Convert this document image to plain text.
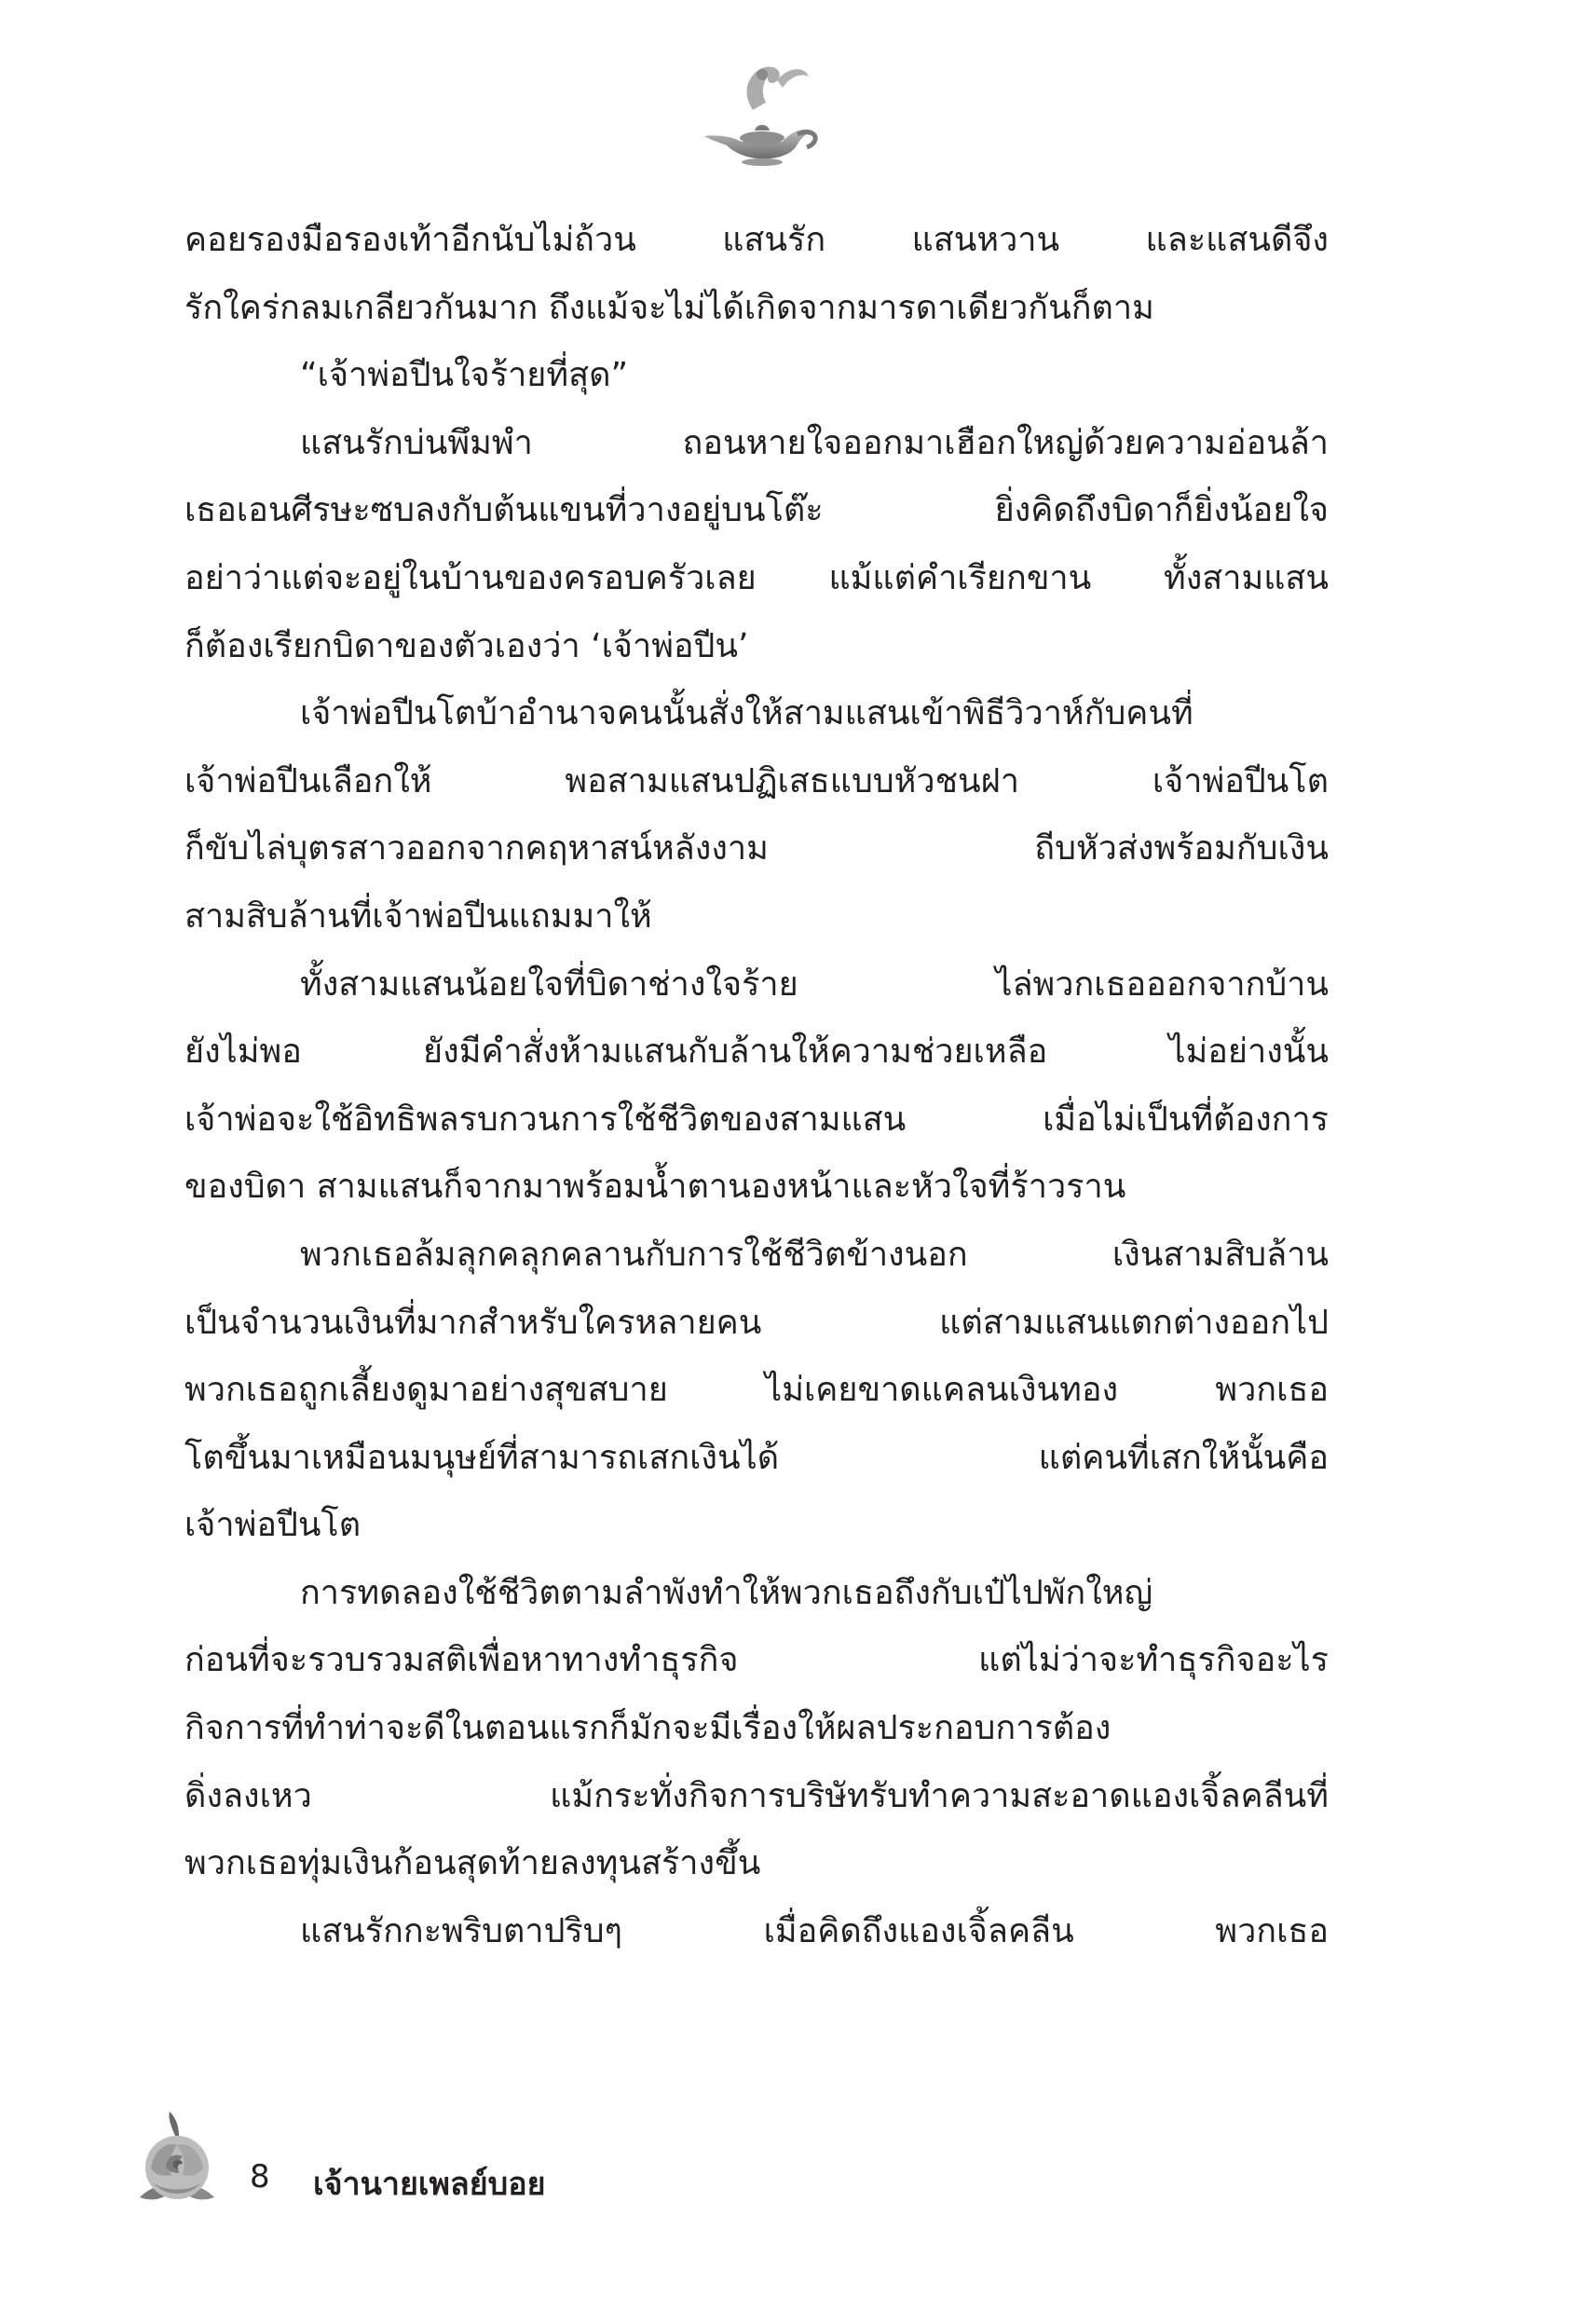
คอยรองมือรองเท้าอีกนับไม่ถ้วน แสนรัก แสนหวาน และแสนดีจึง
รักใคร่กลมเกลียวกันมาก ถึงแม้จะไม่ได้เกิดจากมารดาเดียวกันก็ตาม
“เจ้าพ่อปีนใจร้ายที่สุด”
แสนรักบ่นพึมพำ ถอนหายใจออกมาเฮือกใหญ่ด้วยความอ่อนล้า
เธอเอนศีรษะซบลงกับต้นแขนที่วางอยู่บนโต๊ะ ยิ่งคิดถึงบิดาก็ยิ่งน้อยใจ
อย่าว่าแต่จะอยู่ในบ้านของครอบครัวเลย แม้แต่คำเรียกขาน ทั้งสามแสน
ก็ต้องเรียกบิดาของตัวเองว่า ‘เจ้าพ่อปีน’
เจ้าพ่อปีนโตบ้าอำนาจคนนั้นสั่งให้สามแสนเข้าพิธีวิวาห์กับคนที่
เจ้าพ่อปีนเลือกให้ พอสามแสนปฏิเสธแบบหัวชนฝา เจ้าพ่อปีนโต
ก็ขับไล่บุตรสาวออกจากคฤหาสน์หลังงาม ถีบหัวส่งพร้อมกับเงิน
สามสิบล้านที่เจ้าพ่อปีนแถมมาให้
ทั้งสามแสนน้อยใจที่บิดาช่างใจร้าย ไล่พวกเธอออกจากบ้าน
ยังไม่พอ ยังมีคำสั่งห้ามแสนกับล้านให้ความช่วยเหลือ ไม่อย่างนั้น
เจ้าพ่อจะใช้อิทธิพลรบกวนการใช้ชีวิตของสามแสน เมื่อไม่เป็นที่ต้องการ
ของบิดา สามแสนก็จากมาพร้อมน้ำตานองหน้าและหัวใจที่ร้าวราน
พวกเธอล้มลุกคลุกคลานกับการใช้ชีวิตข้างนอก เงินสามสิบล้าน
เป็นจำนวนเงินที่มากสำหรับใครหลายคน แต่สามแสนแตกต่างออกไป
พวกเธอถูกเลี้ยงดูมาอย่างสุขสบาย ไม่เคยขาดแคลนเงินทอง พวกเธอ
โตขึ้นมาเหมือนมนุษย์ที่สามารถเสกเงินได้ แต่คนที่เสกให้นั้นคือ
เจ้าพ่อปีนโต
การทดลองใช้ชีวิตตามลำพังทำให้พวกเธอถึงกับเป๋ไปพักใหญ่
ก่อนที่จะรวบรวมสติเพื่อหาทางทำธุรกิจ แต่ไม่ว่าจะทำธุรกิจอะไร
กิจการที่ทำท่าจะดีในตอนแรกก็มักจะมีเรื่องให้ผลประกอบการต้อง
ดิ่งลงเหว แม้กระทั่งกิจการบริษัทรับทำความสะอาดแองเจิ้ลคลีนที่
พวกเธอทุ่มเงินก้อนสุดท้ายลงทุนสร้างขึ้น
แสนรักกะพริบตาปริบๆ เมื่อคิดถึงแองเจิ้ลคลีน พวกเธอ
8 เจ้านายเพลย์บอย
